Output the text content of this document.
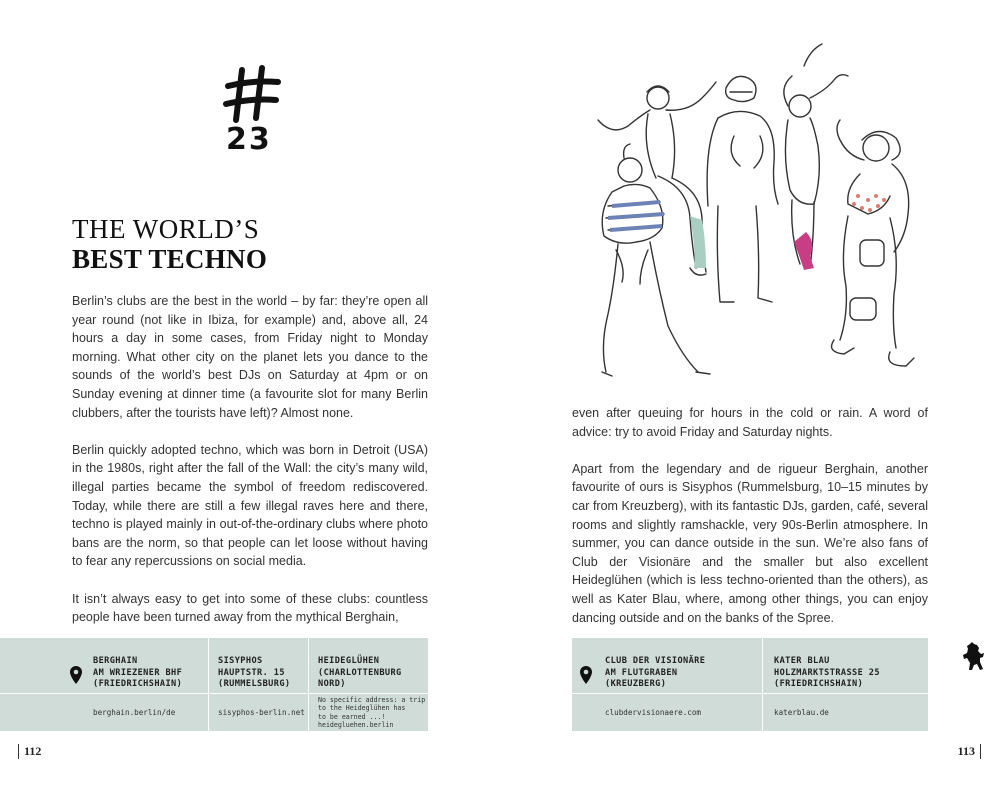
23
THE WORLD’S
BEST TECHNO

Berlin’s clubs are the best in the world – by far: they’re open all year round (not like in Ibiza, for example) and, above all, 24 hours a day in some cases, from Friday night to Monday morning. What other city on the planet lets you dance to the sounds of the world’s best DJs on Saturday at 4pm or on Sunday evening at dinner time (a favourite slot for many Berlin clubbers, after the tourists have left)? Almost none.

Berlin quickly adopted techno, which was born in Detroit (USA) in the 1980s, right after the fall of the Wall: the city’s many wild, illegal parties became the symbol of freedom rediscovered. Today, while there are still a few illegal raves here and there, techno is played mainly in out-of-the-ordinary clubs where photo bans are the norm, so that people can let loose without having to fear any repercussions on social media.

It isn’t always easy to get into some of these clubs: countless people have been turned away from the mythical Berghain,

BERGHAIN
AM WRIEZENER BHF
(FRIEDRICHSHAIN)
berghain.berlin/de
SISYPHOS
HAUPTSTR. 15
(RUMMELSBURG)
sisyphos-berlin.net
HEIDEGLÜHEN
(CHARLOTTENBURG
NORD)
No specific address: a trip
to the Heideglühen has
to be earned ...!
heidegluehen.berlin
112

even after queuing for hours in the cold or rain. A word of advice: try to avoid Friday and Saturday nights.

Apart from the legendary and de rigueur Berghain, another favourite of ours is Sisyphos (Rummelsburg, 10–15 minutes by car from Kreuzberg), with its fantastic DJs, garden, café, several rooms and slightly ramshackle, very 90s-Berlin atmosphere. In summer, you can dance outside in the sun. We’re also fans of Club der Visionäre and the smaller but also excellent Heideglühen (which is less techno-oriented than the others), as well as Kater Blau, where, among other things, you can enjoy dancing outside and on the banks of the Spree.

CLUB DER VISIONÄRE
AM FLUTGRABEN
(KREUZBERG)
clubdervisionaere.com
KATER BLAU
HOLZMARKTSTRASSE 25
(FRIEDRICHSHAIN)
katerblau.de
113
